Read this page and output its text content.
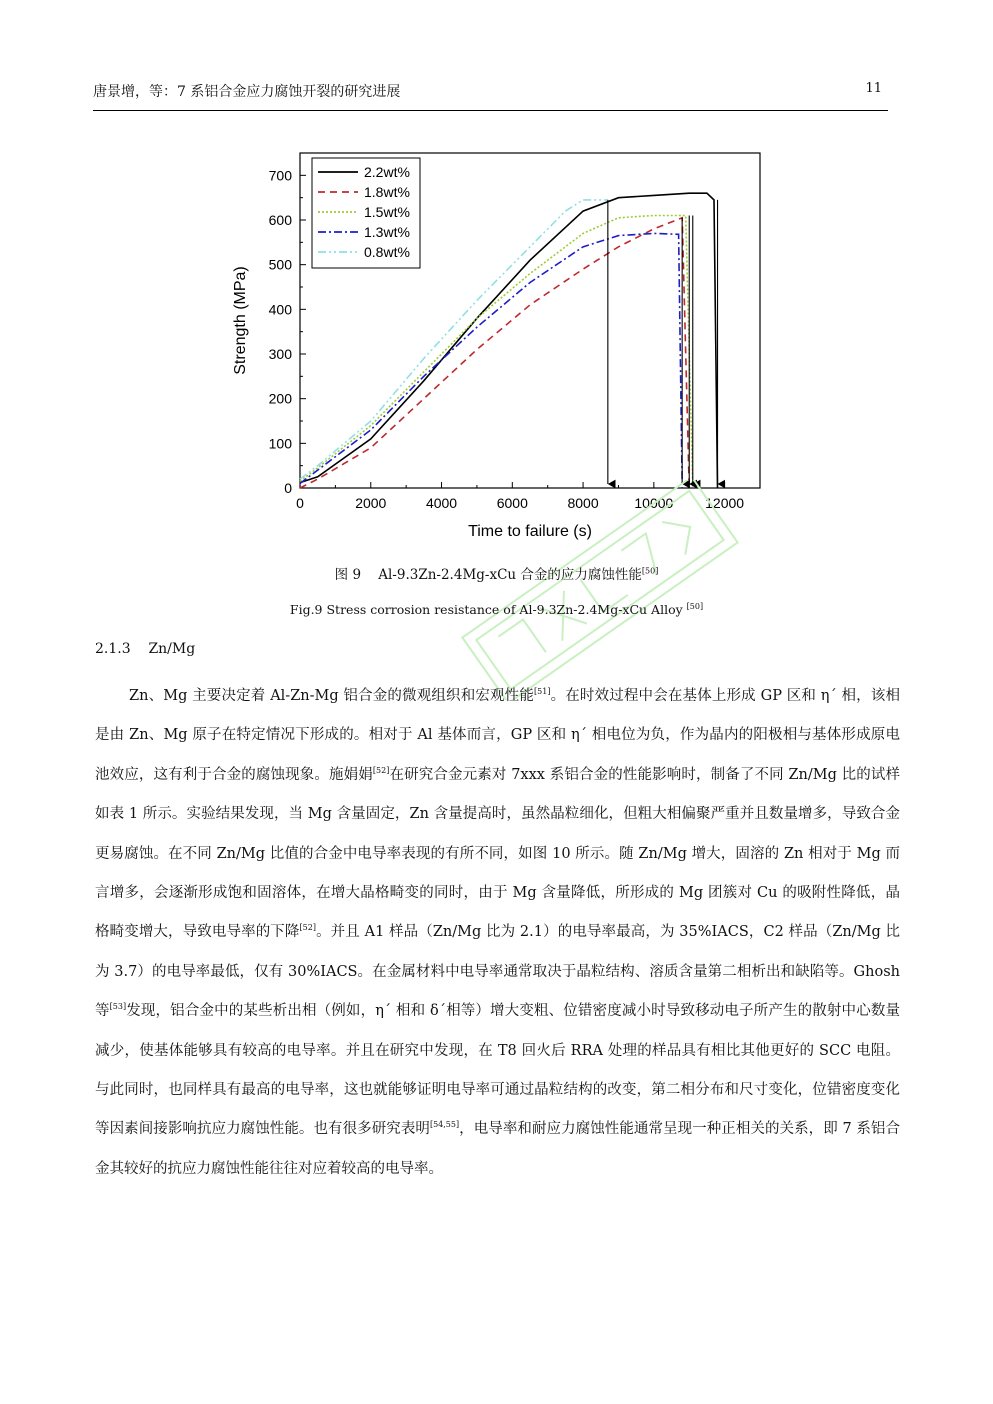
唐景增，等：7 系铝合金应力腐蚀开裂的研究进展	11
0	2000	4000	6000	8000	10000 12000
0
100
200
300
400
500
600
700
Time to failure (s)
Strength (MPa)
2.2wt%
1.8wt%
1.5wt%
1.3wt%
0.8wt%
图 9 Al-9.3Zn-2.4Mg-xCu 合金的应力腐蚀性能[50]
Fig.9 Stress corrosion resistance of Al-9.3Zn-2.4Mg-xCu Alloy [50]
2.1.3 Zn/Mg
Zn、Mg 主要决定着 Al-Zn-Mg 铝合金的微观组织和宏观性能[51]。在时效过程中会在基体上形成 GP 区和 η´ 相，该相是由 Zn、Mg 原子在特定情况下形成的。相对于 Al 基体而言，GP 区和 η´ 相电位为负，作为晶内的阳极相与基体形成原电池效应，这有利于合金的腐蚀现象。施娟娟[52]在研究合金元素对 7xxx 系铝合金的性能影响时，制备了不同 Zn/Mg 比的试样如表 1 所示。实验结果发现，当 Mg 含量固定，Zn 含量提高时，虽然晶粒细化，但粗大相偏聚严重并且数量增多，导致合金更易腐蚀。在不同 Zn/Mg 比值的合金中电导率表现的有所不同，如图 10 所示。随 Zn/Mg 增大，固溶的 Zn 相对于 Mg 而言增多，会逐渐形成饱和固溶体，在增大晶格畸变的同时，由于 Mg 含量降低，所形成的 Mg 团簇对 Cu 的吸附性降低，晶格畸变增大，导致电导率的下降[52]。并且 A1 样品（Zn/Mg 比为 2.1）的电导率最高，为 35%IACS，C2 样品（Zn/Mg 比为 3.7）的电导率最低，仅有 30%IACS。在金属材料中电导率通常取决于晶粒结构、溶质含量第二相析出和缺陷等。Ghosh 等[53]发现，铝合金中的某些析出相（例如，η´ 相和 δ´相等）增大变粗、位错密度减小时导致移动电子所产生的散射中心数量减少，使基体能够具有较高的电导率。并且在研究中发现，在 T8 回火后 RRA 处理的样品具有相比其他更好的 SCC 电阻。与此同时，也同样具有最高的电导率，这也就能够证明电导率可通过晶粒结构的改变，第二相分布和尺寸变化，位错密度变化等因素间接影响抗应力腐蚀性能。也有很多研究表明[54,55]，电导率和耐应力腐蚀性能通常呈现一种正相关的关系，即 7 系铝合金其较好的抗应力腐蚀性能往往对应着较高的电导率。
